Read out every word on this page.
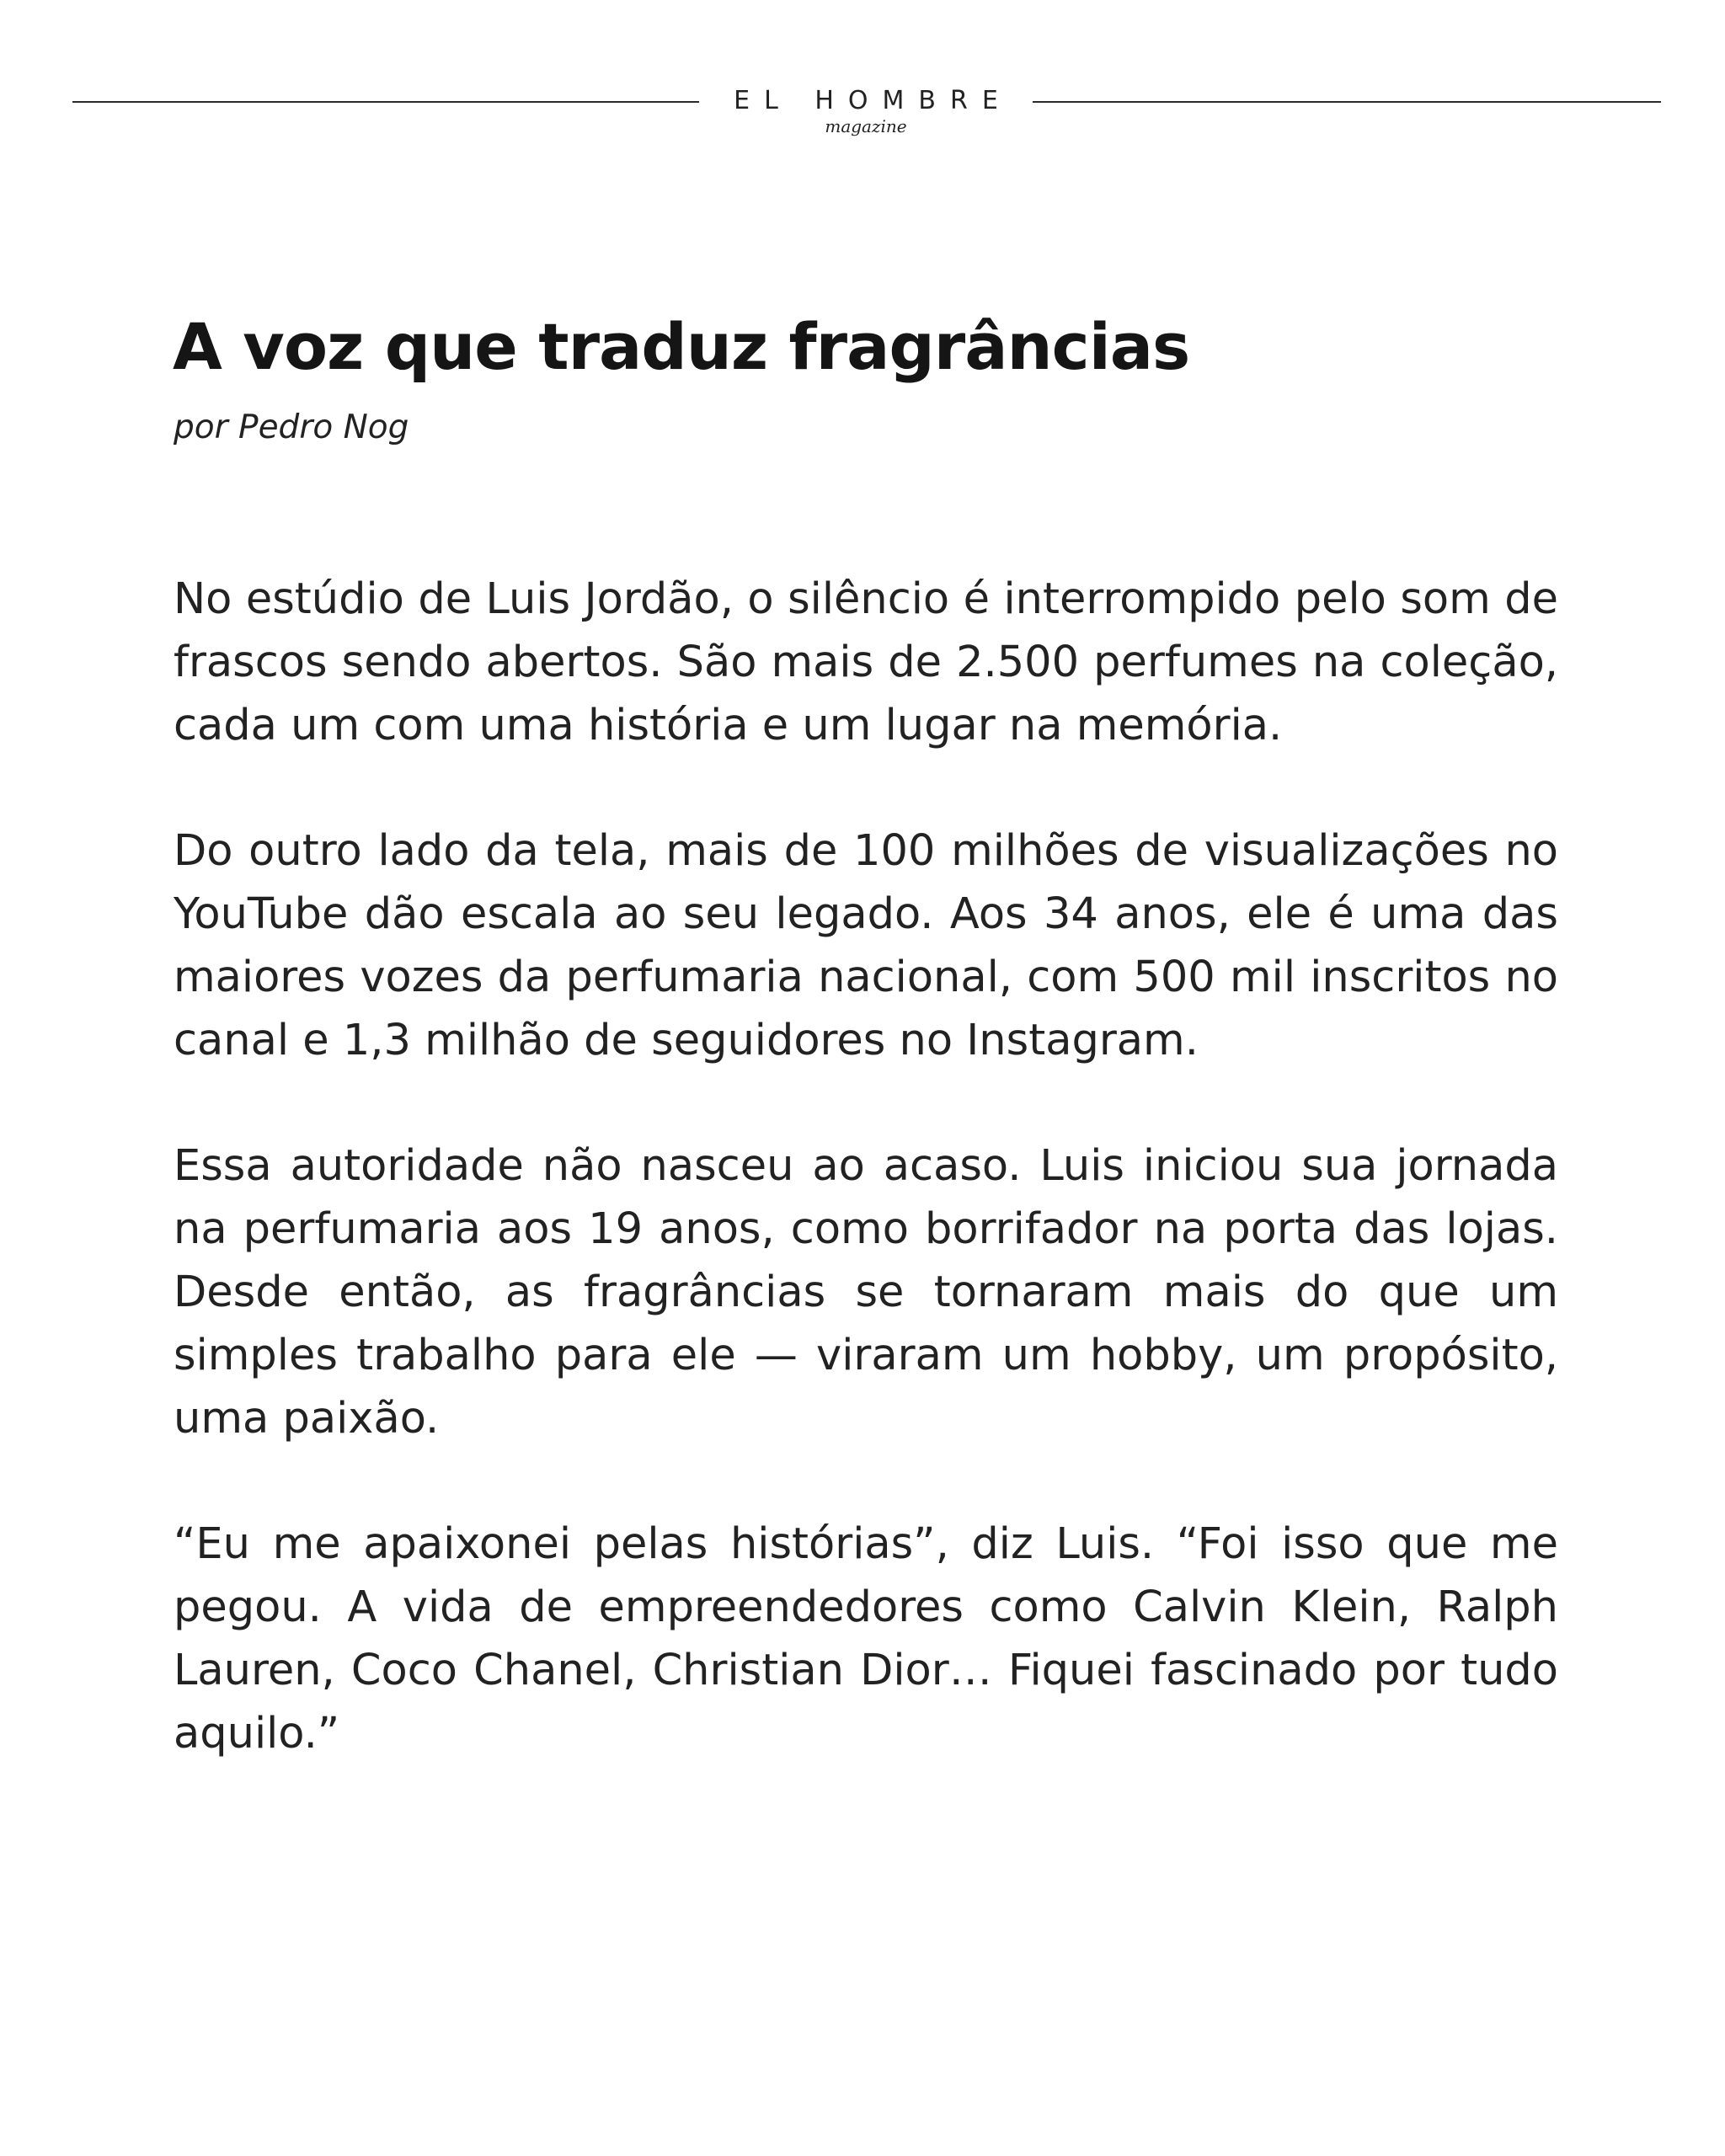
EL HOMBRE
magazine
A voz que traduz fragrâncias
por Pedro Nog

No estúdio de Luis Jordão, o silêncio é interrompido pelo som de frascos sendo abertos. São mais de 2.500 perfumes na coleção, cada um com uma história e um lugar na memória.

Do outro lado da tela, mais de 100 milhões de visualizações no YouTube dão escala ao seu legado. Aos 34 anos, ele é uma das maiores vozes da perfumaria nacional, com 500 mil inscritos no canal e 1,3 milhão de seguidores no Instagram.

Essa autoridade não nasceu ao acaso. Luis iniciou sua jornada na perfumaria aos 19 anos, como borrifador na porta das lojas. Desde então, as fragrâncias se tornaram mais do que um simples trabalho para ele — viraram um hobby, um propósito, uma paixão.

“Eu me apaixonei pelas histórias”, diz Luis. “Foi isso que me pegou. A vida de empreendedores como Calvin Klein, Ralph Lauren, Coco Chanel, Christian Dior… Fiquei fascinado por tudo aquilo.”
